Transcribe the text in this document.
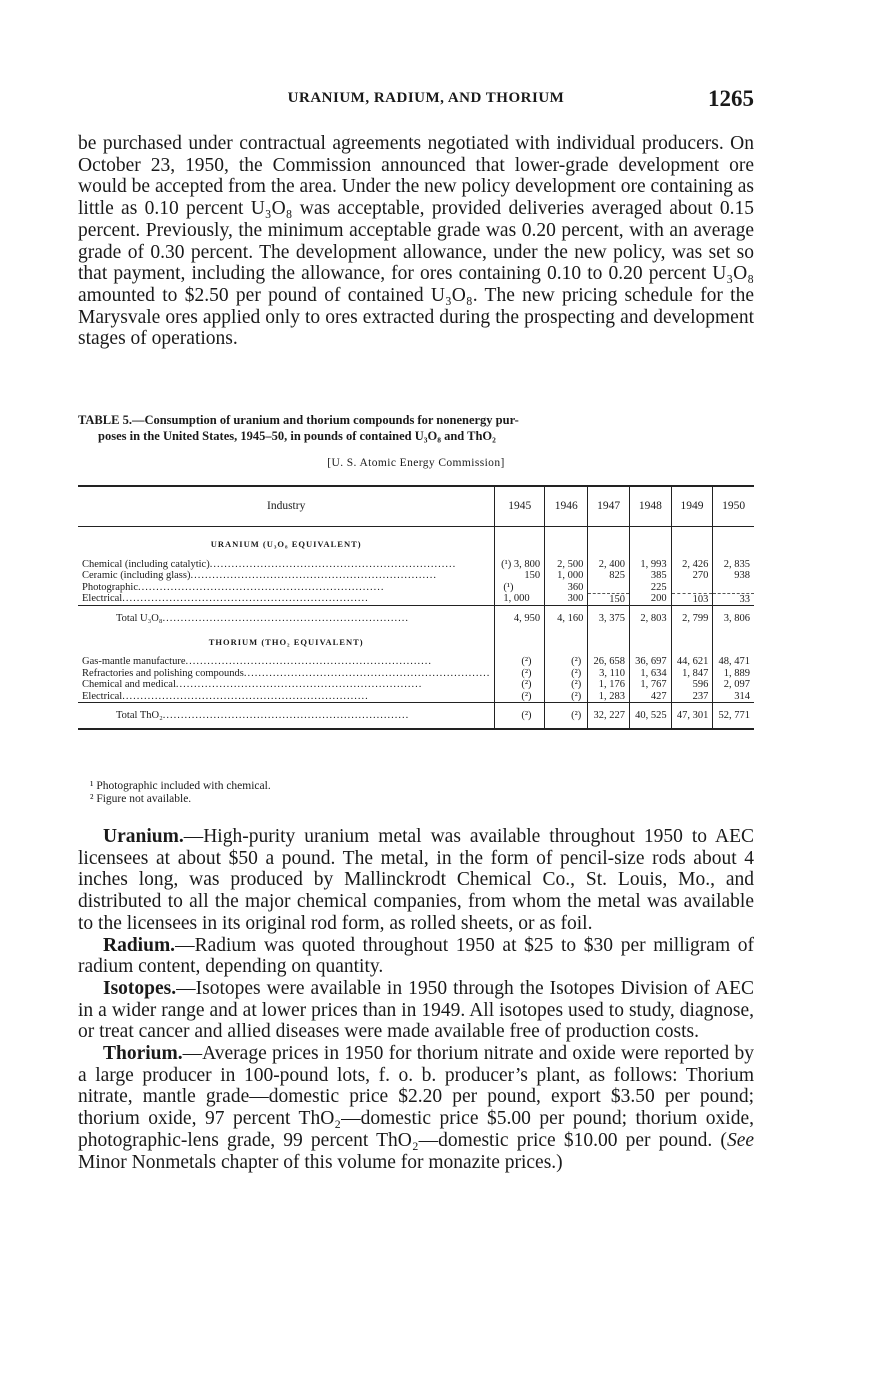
URANIUM, RADIUM, AND THORIUM	1265

be purchased under contractual agreements negotiated with individual producers. On October 23, 1950, the Commission announced that lower-grade development ore would be accepted from the area. Under the new policy development ore containing as little as 0.10 percent U₃O₈ was acceptable, provided deliveries averaged about 0.15 percent. Previously, the minimum acceptable grade was 0.20 percent, with an average grade of 0.30 percent. The development allowance, under the new policy, was set so that payment, including the allowance, for ores containing 0.10 to 0.20 percent U₃O₈ amounted to $2.50 per pound of contained U₃O₈. The new pricing schedule for the Marysvale ores applied only to ores extracted during the prospecting and development stages of operations.

TABLE 5.—Consumption of uranium and thorium compounds for nonenergy pur-
poses in the United States, 1945–50, in pounds of contained U₃O₈ and ThO₂
[U. S. Atomic Energy Commission]
Industry	1945	1946	1947	1948	1949	1950
URANIUM (U₃O₈ EQUIVALENT)						
Chemical (including catalytic) .....	(¹) 3, 800	2, 500	2, 400	1, 993	2, 426	2, 835
Ceramic (including glass) .....	150	1, 000	825	385	270	938
Photographic .....	(¹)	360		225		
Electrical .....	1, 000	300	150	200	103	33
Total U₃O₈ .....	4, 950	4, 160	3, 375	2, 803	2, 799	3, 806
THORIUM (THO₂ EQUIVALENT)						
Gas-mantle manufacture .....	(²)	(²)	26, 658	36, 697	44, 621	48, 471
Refractories and polishing compounds .....	(²)	(²)	3, 110	1, 634	1, 847	1, 889
Chemical and medical .....	(²)	(²)	1, 176	1, 767	596	2, 097
Electrical .....	(²)	(²)	1, 283	427	237	314
Total ThO₂ .....	(²)	(²)	32, 227	40, 525	47, 301	52, 771
¹ Photographic included with chemical.
² Figure not available.

Uranium.—High-purity uranium metal was available throughout 1950 to AEC licensees at about $50 a pound. The metal, in the form of pencil-size rods about 4 inches long, was produced by Mallinckrodt Chemical Co., St. Louis, Mo., and distributed to all the major chemical companies, from whom the metal was available to the licensees in its original rod form, as rolled sheets, or as foil.

Radium.—Radium was quoted throughout 1950 at $25 to $30 per milligram of radium content, depending on quantity.

Isotopes.—Isotopes were available in 1950 through the Isotopes Division of AEC in a wider range and at lower prices than in 1949. All isotopes used to study, diagnose, or treat cancer and allied diseases were made available free of production costs.

Thorium.—Average prices in 1950 for thorium nitrate and oxide were reported by a large producer in 100-pound lots, f. o. b. producer’s plant, as follows: Thorium nitrate, mantle grade—domestic price $2.20 per pound, export $3.50 per pound; thorium oxide, 97 percent ThO₂—domestic price $5.00 per pound; thorium oxide, photographic-lens grade, 99 percent ThO₂—domestic price $10.00 per pound. (See Minor Nonmetals chapter of this volume for monazite prices.)
